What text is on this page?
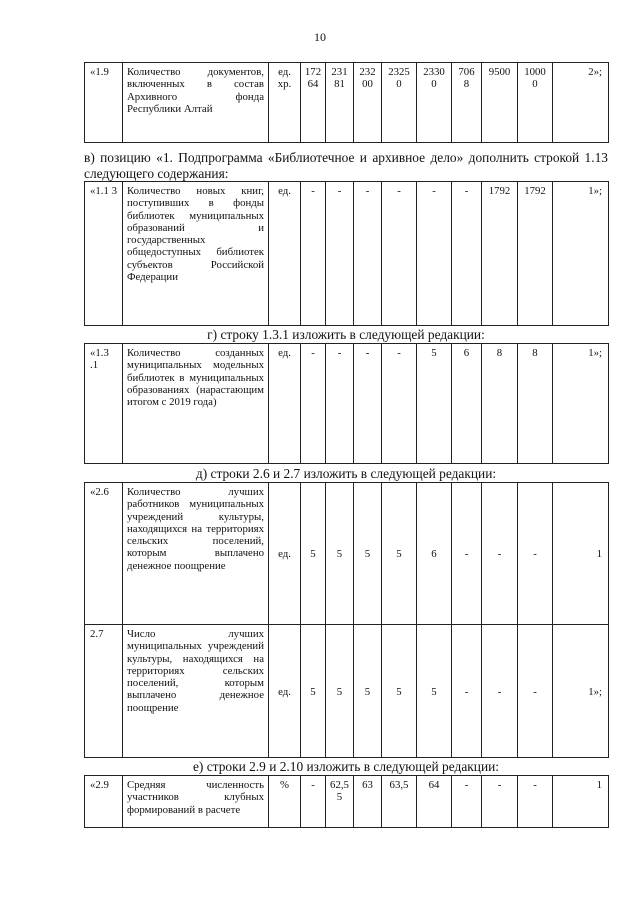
10
«1.9	Количество документов, включенных в состав Архивного фонда Республики Алтай	ед. хр.	172 64	231 81	232 00	2325 0	2330 0	706 8	9500	1000 0	2»;
в) позицию «1. Подпрограмма «Библиотечное и архивное дело» дополнить строкой 1.13 следующего содержания:
«1.1 3	Количество новых книг, поступивших в фонды библиотек муниципальных образований и государственных общедоступных библиотек субъектов Российской Федерации	ед.	-	-	-	-	-	-	1792	1792	1»;
г) строку 1.3.1 изложить в следующей редакции:
«1.3 .1	Количество созданных муниципальных модельных библиотек в муниципальных образованиях (нарастающим итогом с 2019 года)	ед.	-	-	-	-	5	6	8	8	1»;
д) строки 2.6 и 2.7 изложить в следующей редакции:
«2.6	Количество лучших работников муниципальных учреждений культуры, находящихся на территориях сельских поселений, которым выплачено денежное поощрение	ед.	5	5	5	5	6	-	-	-	1
2.7	Число лучших муниципальных учреждений культуры, находящихся на территориях сельских поселений, которым выплачено денежное поощрение	ед.	5	5	5	5	5	-	-	-	1»;
е) строки 2.9 и 2.10 изложить в следующей редакции:
«2.9	Средняя численность участников клубных формирований в расчете	%	-	62,5 5	63	63,5	64	-	-	-	1
